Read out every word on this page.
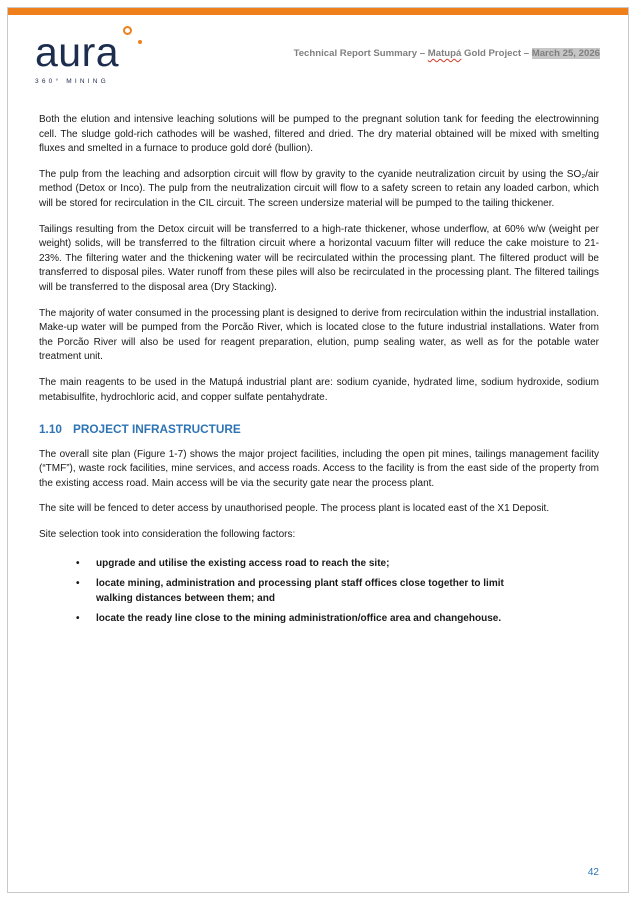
aura
360° MINING
Technical Report Summary – Matupá Gold Project – March 25, 2026

Both the elution and intensive leaching solutions will be pumped to the pregnant solution tank for feeding the electrowinning cell. The sludge gold-rich cathodes will be washed, filtered and dried. The dry material obtained will be mixed with smelting fluxes and smelted in a furnace to produce gold doré (bullion).

The pulp from the leaching and adsorption circuit will flow by gravity to the cyanide neutralization circuit by using the SO₂/air method (Detox or Inco). The pulp from the neutralization circuit will flow to a safety screen to retain any loaded carbon, which will be stored for recirculation in the CIL circuit. The screen undersize material will be pumped to the tailing thickener.

Tailings resulting from the Detox circuit will be transferred to a high-rate thickener, whose underflow, at 60% w/w (weight per weight) solids, will be transferred to the filtration circuit where a horizontal vacuum filter will reduce the cake moisture to 21-23%. The filtering water and the thickening water will be recirculated within the processing plant. The filtered product will be transferred to disposal piles. Water runoff from these piles will also be recirculated in the processing plant. The filtered tailings will be transferred to the disposal area (Dry Stacking).

The majority of water consumed in the processing plant is designed to derive from recirculation within the industrial installation. Make-up water will be pumped from the Porcão River, which is located close to the future industrial installations. Water from the Porcão River will also be used for reagent preparation, elution, pump sealing water, as well as for the potable water treatment unit.

The main reagents to be used in the Matupá industrial plant are: sodium cyanide, hydrated lime, sodium hydroxide, sodium metabisulfite, hydrochloric acid, and copper sulfate pentahydrate.

1.10 PROJECT INFRASTRUCTURE

The overall site plan (Figure 1-7) shows the major project facilities, including the open pit mines, tailings management facility (“TMF”), waste rock facilities, mine services, and access roads. Access to the facility is from the east side of the property from the existing access road. Main access will be via the security gate near the process plant.

The site will be fenced to deter access by unauthorised people. The process plant is located east of the X1 Deposit.

Site selection took into consideration the following factors:

•	upgrade and utilise the existing access road to reach the site;
•	locate mining, administration and processing plant staff offices close together to limit walking distances between them; and
•	locate the ready line close to the mining administration/office area and changehouse.
42
